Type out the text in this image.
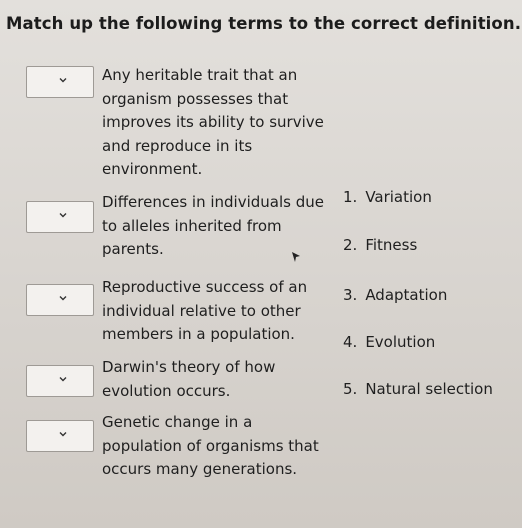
Match up the following terms to the correct definition.
Any heritable trait that an organism possesses that improves its ability to survive and reproduce in its environment.
Differences in individuals due to alleles inherited from parents.
Reproductive success of an individual relative to other members in a population.
Darwin's theory of how evolution occurs.
Genetic change in a population of organisms that occurs many generations.
1. Variation
2. Fitness
3. Adaptation
4. Evolution
5. Natural selection
